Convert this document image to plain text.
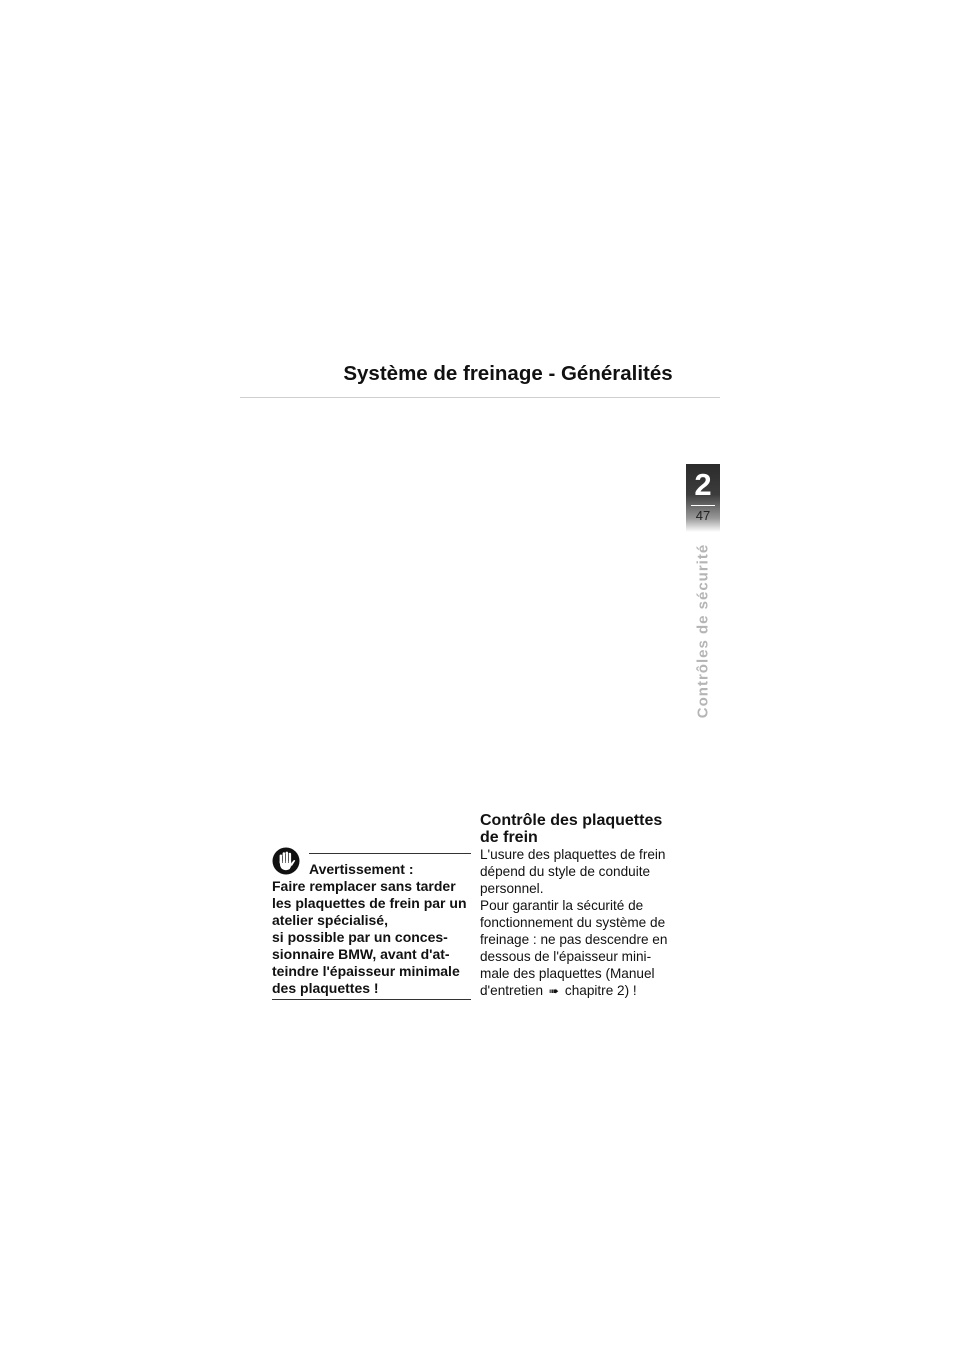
Système de freinage - Généralités
2
47
Contrôles de sécurité
Avertissement :

Faire remplacer sans tarder
les plaquettes de frein par un
atelier spécialisé,
si possible par un conces-
sionnaire BMW, avant d'at-
teindre l'épaisseur minimale
des plaquettes !

Contrôle des plaquettes
de frein

L'usure des plaquettes de frein
dépend du style de conduite
personnel.

Pour garantir la sécurité de
fonctionnement du système de
freinage : ne pas descendre en
dessous de l'épaisseur mini-
male des plaquettes (Manuel
d'entretien ➠ chapitre 2) !
